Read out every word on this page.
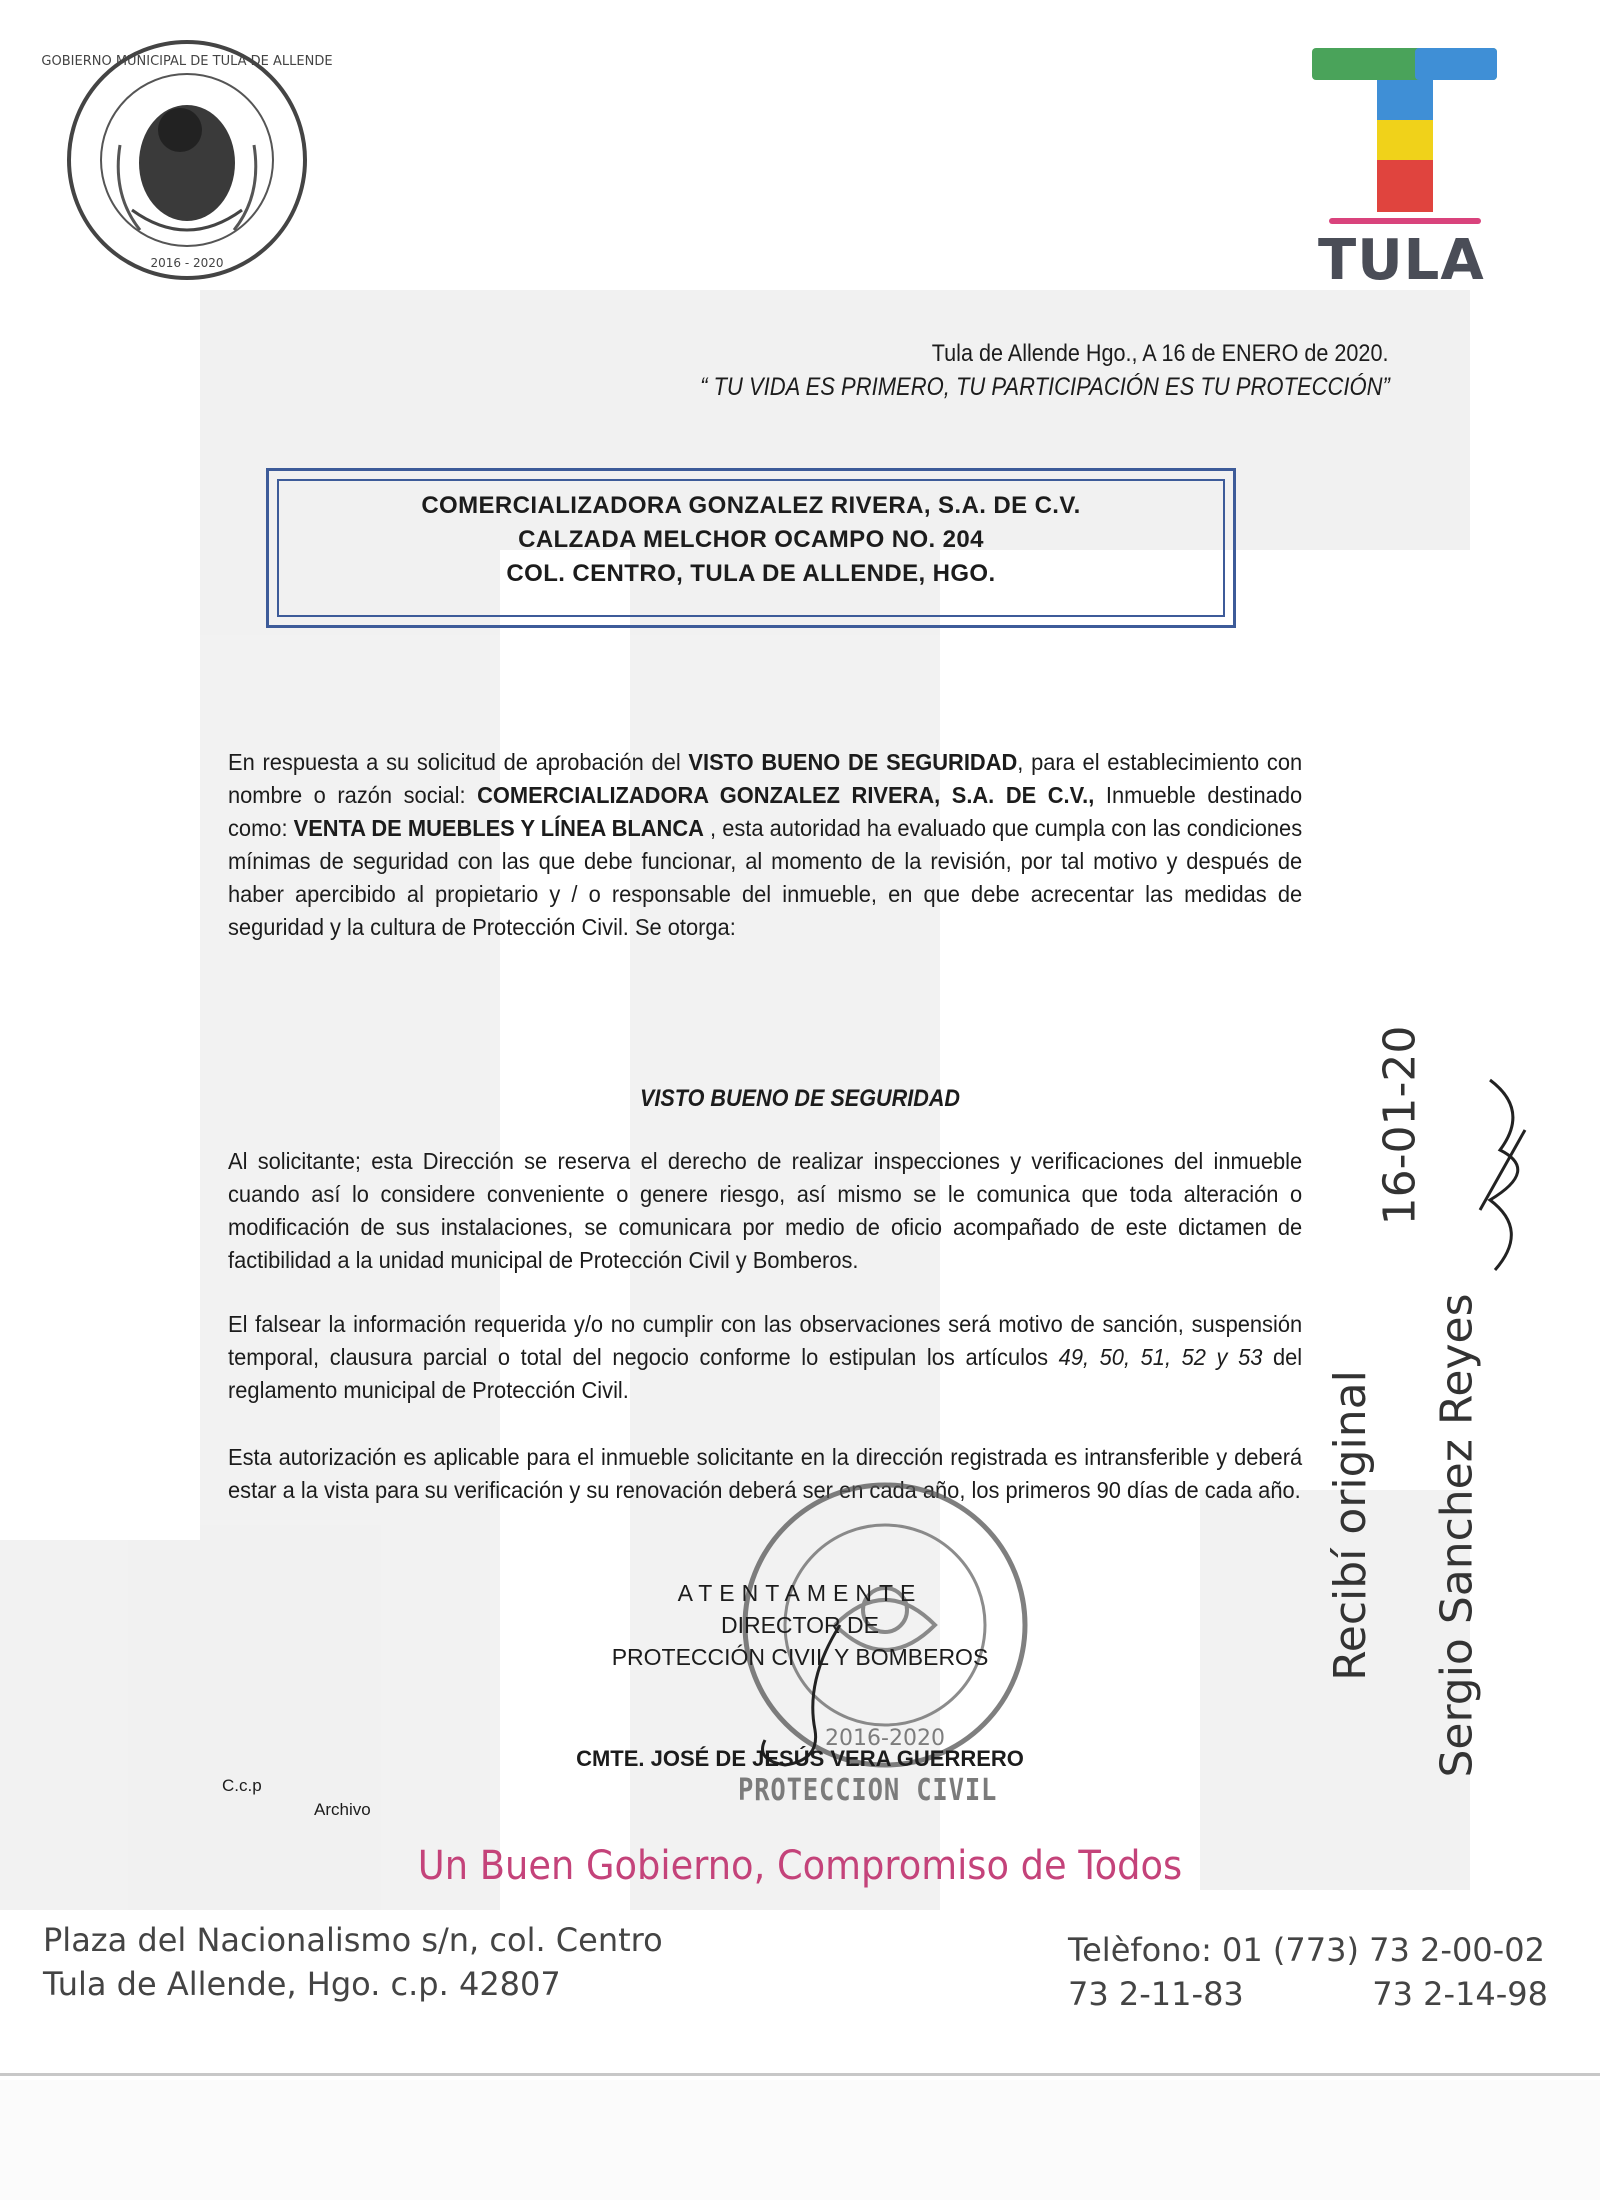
GOBIERNO MUNICIPAL DE TULA DE ALLENDE
2016 - 2020	TULA
Tula de Allende Hgo., A 16 de ENERO de 2020.
“ TU VIDA ES PRIMERO, TU PARTICIPACIÓN ES TU PROTECCIÓN”
COMERCIALIZADORA GONZALEZ RIVERA, S.A. DE C.V.
CALZADA MELCHOR OCAMPO NO. 204
COL. CENTRO, TULA DE ALLENDE, HGO.
En respuesta a su solicitud de aprobación del VISTO BUENO DE SEGURIDAD, para el establecimiento con nombre o razón social: COMERCIALIZADORA GONZALEZ RIVERA, S.A. DE C.V., Inmueble destinado como: VENTA DE MUEBLES Y LÍNEA BLANCA , esta autoridad ha evaluado que cumpla con las condiciones mínimas de seguridad con las que debe funcionar, al momento de la revisión, por tal motivo y después de haber apercibido al propietario y / o responsable del inmueble, en que debe acrecentar las medidas de seguridad y la cultura de Protección Civil. Se otorga:
VISTO BUENO DE SEGURIDAD
Al solicitante; esta Dirección se reserva el derecho de realizar inspecciones y verificaciones del inmueble cuando así lo considere conveniente o genere riesgo, así mismo se le comunica que toda alteración o modificación de sus instalaciones, se comunicara por medio de oficio acompañado de este dictamen de factibilidad a la unidad municipal de Protección Civil y Bomberos.
El falsear la información requerida y/o no cumplir con las observaciones será motivo de sanción, suspensión temporal, clausura parcial o total del negocio conforme lo estipulan los artículos 49, 50, 51, 52 y 53 del reglamento municipal de Protección Civil.
Esta autorización es aplicable para el inmueble solicitante en la dirección registrada es intransferible y deberá estar a la vista para su verificación y su renovación deberá ser en cada año, los primeros 90 días de cada año.
2016-2020
ATENTAMENTE
DIRECTOR DE
PROTECCIÓN CIVIL Y BOMBEROS
CMTE. JOSÉ DE JESÚS VERA GUERRERO
PROTECCION CIVIL
C.c.p
Archivo
16-01-20
Recibí original Sergio Sanchez Reyes
Un Buen Gobierno, Compromiso de Todos
Plaza del Nacionalismo s/n, col. Centro
Tula de Allende, Hgo. c.p. 42807
Telèfono: 01 (773) 73 2-00-02
73 2-11-83	73 2-14-98
